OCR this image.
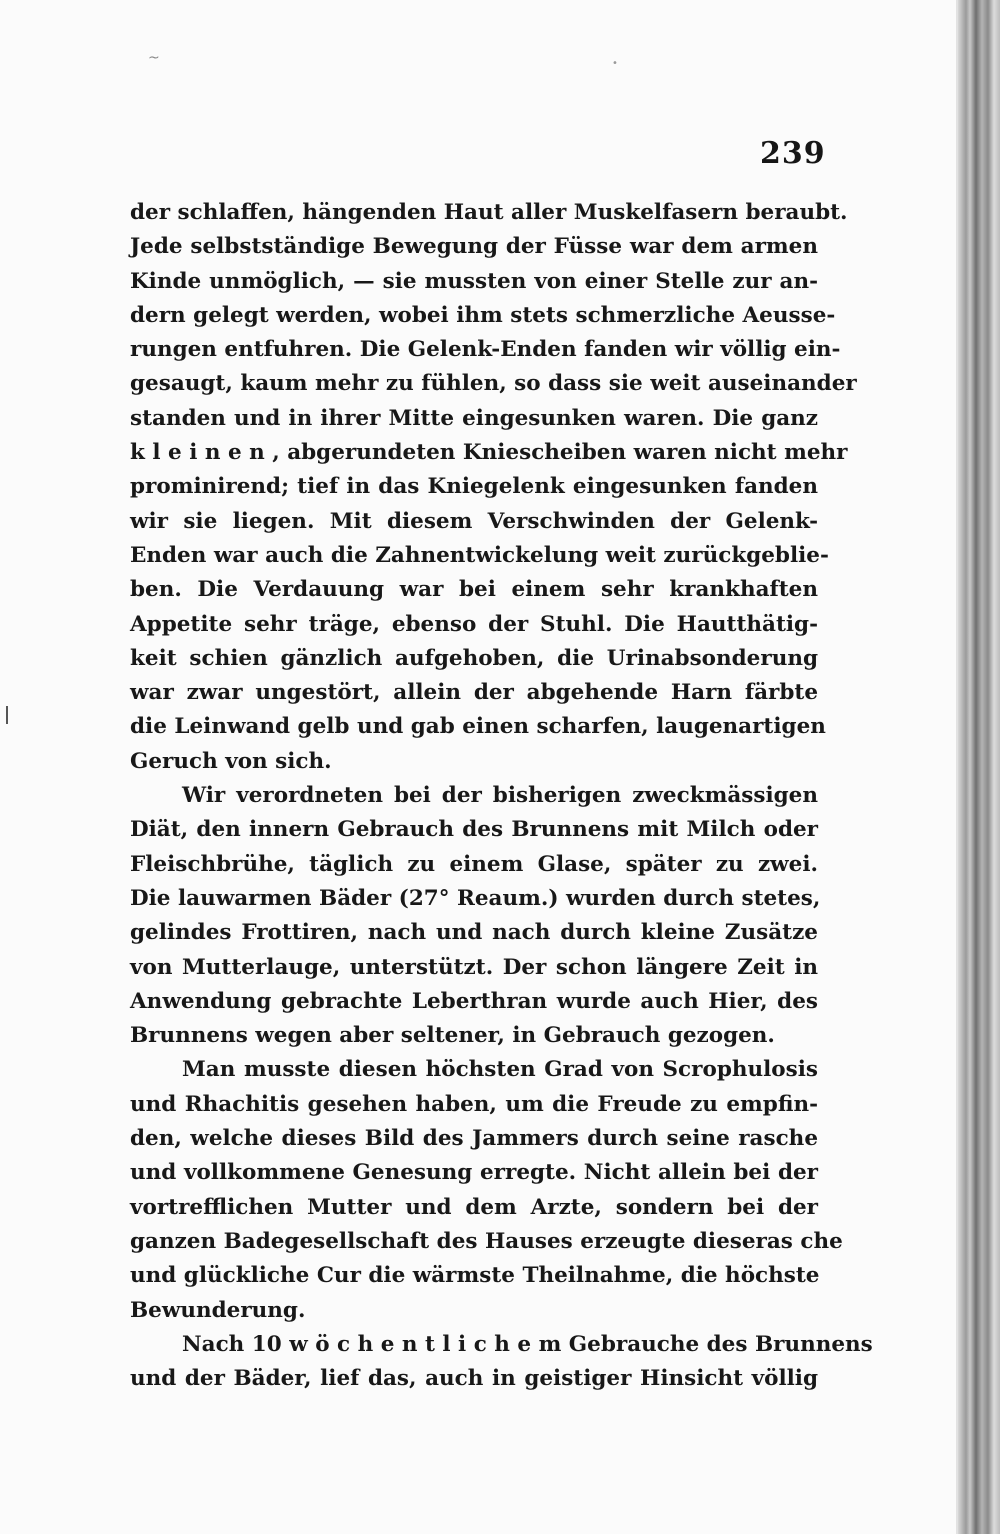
~	•
239
der schlaffen, hängenden Haut aller Muskelfasern beraubt.
Jede selbstständige Bewegung der Füsse war dem armen
Kinde unmöglich, — sie mussten von einer Stelle zur an-
dern gelegt werden, wobei ihm stets schmerzliche Aeusse-
rungen entfuhren. Die Gelenk-Enden fanden wir völlig ein-
gesaugt, kaum mehr zu fühlen, so dass sie weit auseinander
standen und in ihrer Mitte eingesunken waren. Die ganz
k l e i n e n , abgerundeten Kniescheiben waren nicht mehr
prominirend; tief in das Kniegelenk eingesunken fanden
wir sie liegen. Mit diesem Verschwinden der Gelenk-
Enden war auch die Zahnentwickelung weit zurückgeblie-
ben. Die Verdauung war bei einem sehr krankhaften
Appetite sehr träge, ebenso der Stuhl. Die Hautthätig-
keit schien gänzlich aufgehoben, die Urinabsonderung
war zwar ungestört, allein der abgehende Harn färbte
die Leinwand gelb und gab einen scharfen, laugenartigen
Geruch von sich.
Wir verordneten bei der bisherigen zweckmässigen
Diät, den innern Gebrauch des Brunnens mit Milch oder
Fleischbrühe, täglich zu einem Glase, später zu zwei.
Die lauwarmen Bäder (27° Reaum.) wurden durch stetes,
gelindes Frottiren, nach und nach durch kleine Zusätze
von Mutterlauge, unterstützt. Der schon längere Zeit in
Anwendung gebrachte Leberthran wurde auch Hier, des
Brunnens wegen aber seltener, in Gebrauch gezogen.
Man musste diesen höchsten Grad von Scrophulosis
und Rhachitis gesehen haben, um die Freude zu empfin-
den, welche dieses Bild des Jammers durch seine rasche
und vollkommene Genesung erregte. Nicht allein bei der
vortrefflichen Mutter und dem Arzte, sondern bei der
ganzen Badegesellschaft des Hauses erzeugte dieseras che
und glückliche Cur die wärmste Theilnahme, die höchste
Bewunderung.
Nach 10 w ö c h e n t l i c h e m Gebrauche des Brunnens
und der Bäder, lief das, auch in geistiger Hinsicht völlig
